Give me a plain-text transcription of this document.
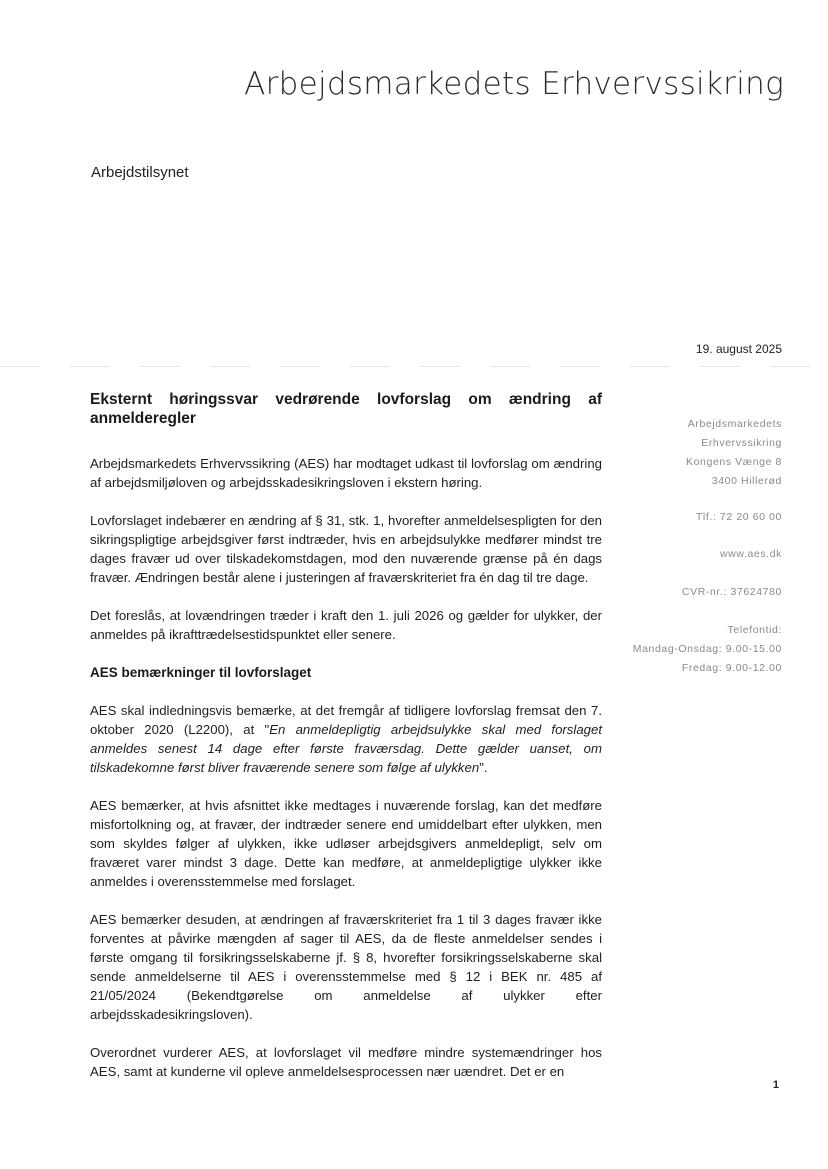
Arbejdsmarkedets Erhvervssikring
Arbejdstilsynet
19. august 2025
Arbejdsmarkedets
Erhvervssikring
Kongens Vænge 8
3400 Hillerød
Tlf.: 72 20 60 00
www.aes.dk
CVR-nr.: 37624780
Telefontid:
Mandag-Onsdag: 9.00-15.00
Fredag: 9.00-12.00
Eksternt høringssvar vedrørende lovforslag om ændring af anmelderegler

Arbejdsmarkedets Erhvervssikring (AES) har modtaget udkast til lovforslag om ændring af arbejdsmiljøloven og arbejdsskadesikringsloven i ekstern høring.

Lovforslaget indebærer en ændring af § 31, stk. 1, hvorefter anmeldelsespligten for den sikringspligtige arbejdsgiver først indtræder, hvis en arbejdsulykke medfører mindst tre dages fravær ud over tilskadekomstdagen, mod den nuværende grænse på én dags fravær. Ændringen består alene i justeringen af fraværskriteriet fra én dag til tre dage.

Det foreslås, at lovændringen træder i kraft den 1. juli 2026 og gælder for ulykker, der anmeldes på ikrafttrædelsestidspunktet eller senere.

AES bemærkninger til lovforslaget

AES skal indledningsvis bemærke, at det fremgår af tidligere lovforslag fremsat den 7. oktober 2020 (L2200), at "En anmeldepligtig arbejdsulykke skal med forslaget anmeldes senest 14 dage efter første fraværsdag. Dette gælder uanset, om tilskadekomne først bliver fraværende senere som følge af ulykken".

AES bemærker, at hvis afsnittet ikke medtages i nuværende forslag, kan det medføre misfortolkning og, at fravær, der indtræder senere end umiddelbart efter ulykken, men som skyldes følger af ulykken, ikke udløser arbejdsgivers anmeldepligt, selv om fraværet varer mindst 3 dage. Dette kan medføre, at anmeldepligtige ulykker ikke anmeldes i overensstemmelse med forslaget.

AES bemærker desuden, at ændringen af fraværskriteriet fra 1 til 3 dages fravær ikke forventes at påvirke mængden af sager til AES, da de fleste anmeldelser sendes i første omgang til forsikringsselskaberne jf. § 8, hvorefter forsikringsselskaberne skal sende anmeldelserne til AES i overensstemmelse med § 12 i BEK nr. 485 af 21/05/2024 (Bekendtgørelse om anmeldelse af ulykker efter arbejdsskadesikringsloven).

Overordnet vurderer AES, at lovforslaget vil medføre mindre systemændringer hos AES, samt at kunderne vil opleve anmeldelsesprocessen nær uændret. Det er en

1
